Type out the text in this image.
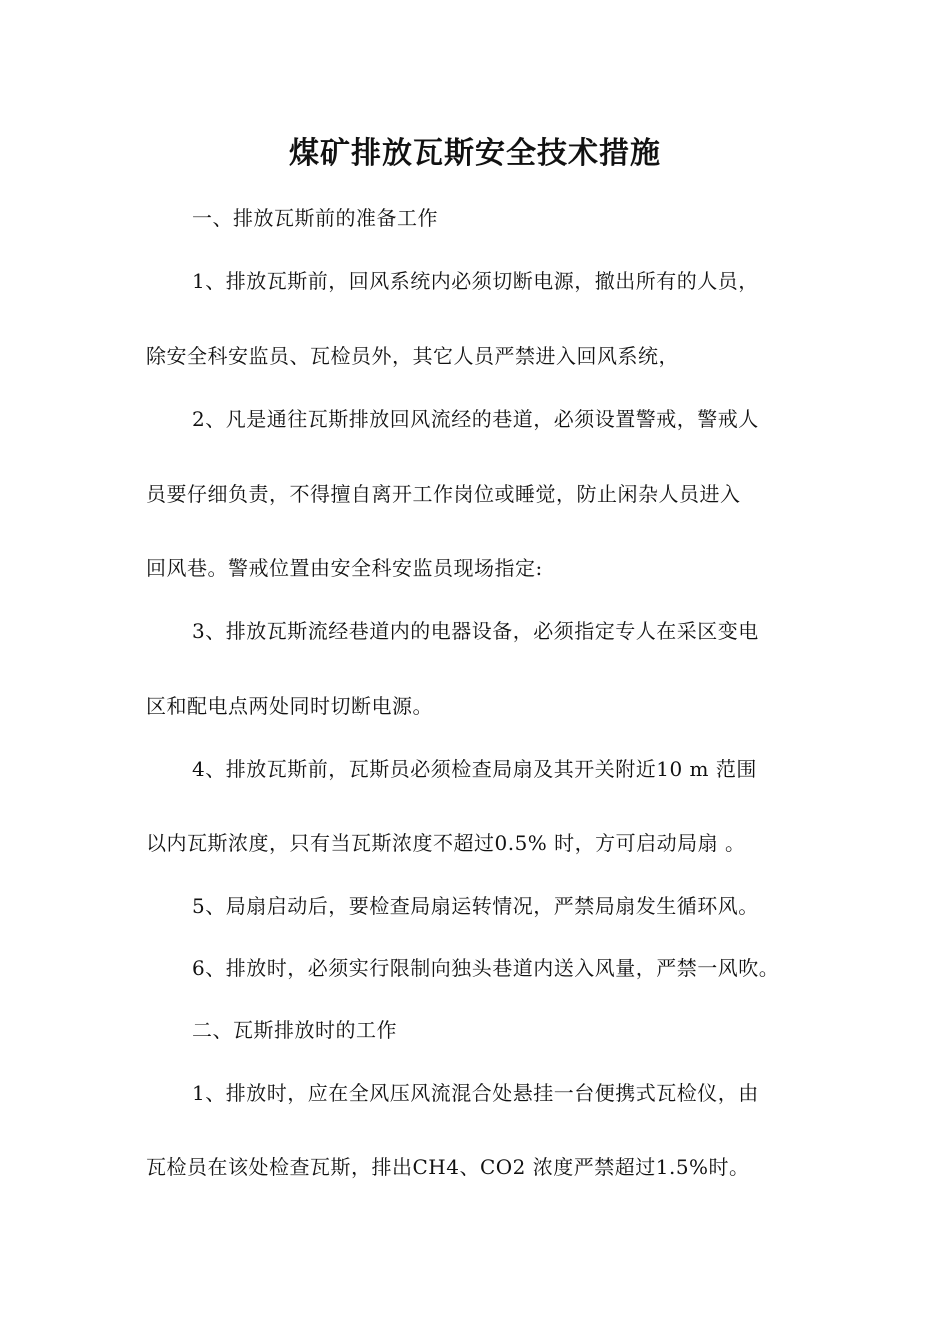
煤矿排放瓦斯安全技术措施
一、排放瓦斯前的准备工作
1、排放瓦斯前，回风系统内必须切断电源，撤出所有的人员，
除安全科安监员、瓦检员外，其它人员严禁进入回风系统，
2、凡是通往瓦斯排放回风流经的巷道，必须设置警戒，警戒人
员要仔细负责，不得擅自离开工作岗位或睡觉，防止闲杂人员进入
回风巷。警戒位置由安全科安监员现场指定:
3、排放瓦斯流经巷道内的电器设备，必须指定专人在采区变电
区和配电点两处同时切断电源。
4、排放瓦斯前，瓦斯员必须检查局扇及其开关附近10 m 范围
以内瓦斯浓度，只有当瓦斯浓度不超过0.5% 时，方可启动局扇 。
5、局扇启动后，要检查局扇运转情况，严禁局扇发生循环风。
6、排放时，必须实行限制向独头巷道内送入风量，严禁一风吹。
二、瓦斯排放时的工作
1、排放时，应在全风压风流混合处悬挂一台便携式瓦检仪，由
瓦检员在该处检查瓦斯，排出CH4、CO2 浓度严禁超过1.5%时。
